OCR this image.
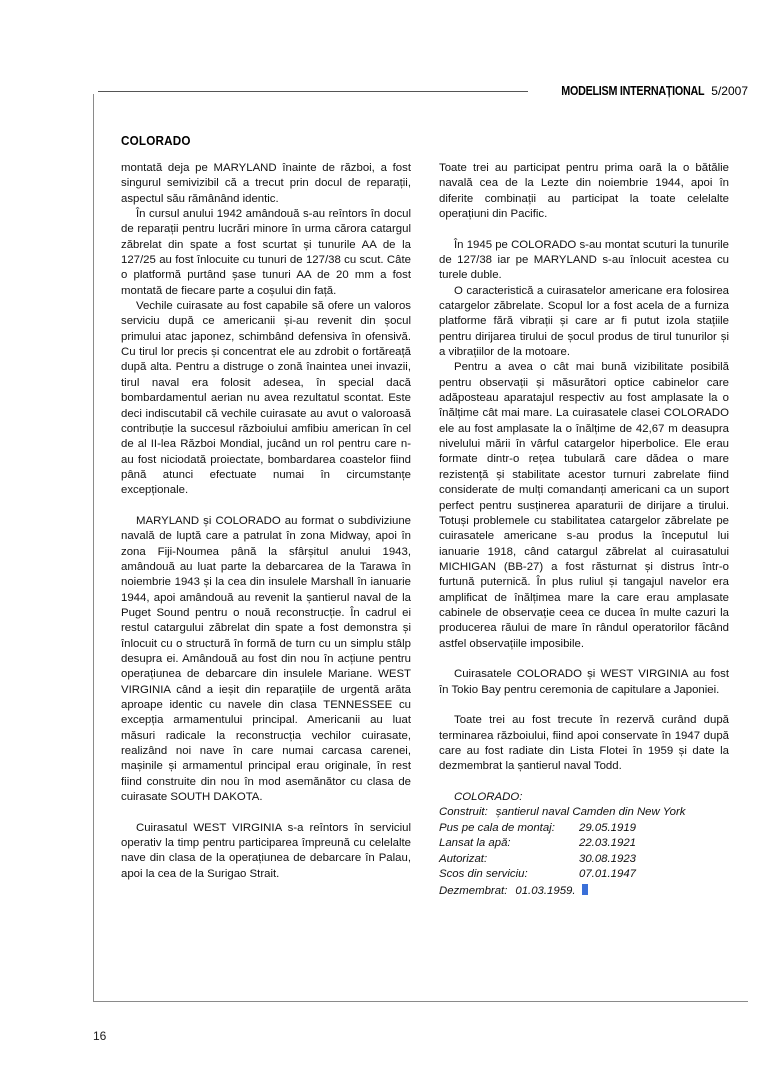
MODELISM INTERNAȚIONAL 5/2007
COLORADO

montată deja pe MARYLAND înainte de război, a fost singurul semivizibil că a trecut prin docul de reparații, aspectul său rămânând identic.

În cursul anului 1942 amândouă s-au reîntors în docul de reparații pentru lucrări minore în urma cărora catargul zăbrelat din spate a fost scurtat și tunurile AA de la 127/25 au fost înlocuite cu tunuri de 127/38 cu scut. Câte o platformă purtând șase tunuri AA de 20 mm a fost montată de fiecare parte a coșului din față.

Vechile cuirasate au fost capabile să ofere un valoros serviciu după ce americanii și-au revenit din șocul primului atac japonez, schimbând defensiva în ofensivă. Cu tirul lor precis și concentrat ele au zdrobit o fortăreață după alta. Pentru a distruge o zonă înaintea unei invazii, tirul naval era folosit adesea, în special dacă bombardamentul aerian nu avea rezultatul scontat. Este deci indiscutabil că vechile cuirasate au avut o valoroasă contribuție la succesul războiului amfibiu american în cel de al II-lea Război Mondial, jucând un rol pentru care n-au fost niciodată proiectate, bombardarea coastelor fiind până atunci efectuate numai în circumstanțe excepționale.

MARYLAND și COLORADO au format o subdiviziune navală de luptă care a patrulat în zona Midway, apoi în zona Fiji-Noumea până la sfârșitul anului 1943, amândouă au luat parte la debarcarea de la Tarawa în noiembrie 1943 și la cea din insulele Marshall în ianuarie 1944, apoi amândouă au revenit la șantierul naval de la Puget Sound pentru o nouă reconstrucție. În cadrul ei restul catargului zăbrelat din spate a fost demonstra și înlocuit cu o structură în formă de turn cu un simplu stâlp desupra ei. Amândouă au fost din nou în acțiune pentru operațiunea de debarcare din insulele Mariane. WEST VIRGINIA când a ieșit din reparațiile de urgentă arăta aproape identic cu navele din clasa TENNESSEE cu excepția armamentului principal. Americanii au luat măsuri radicale la reconstrucția vechilor cuirasate, realizând noi nave în care numai carcasa carenei, mașinile și armamentul principal erau originale, în rest fiind construite din nou în mod asemănător cu clasa de cuirasate SOUTH DAKOTA.

Cuirasatul WEST VIRGINIA s-a reîntors în serviciul operativ la timp pentru participarea împreună cu celelalte nave din clasa de la operațiunea de debarcare în Palau, apoi la cea de la Surigao Strait.

Toate trei au participat pentru prima oară la o bătălie navală cea de la Lezte din noiembrie 1944, apoi în diferite combinații au participat la toate celelalte operațiuni din Pacific.

În 1945 pe COLORADO s-au montat scuturi la tunurile de 127/38 iar pe MARYLAND s-au înlocuit acestea cu turele duble.

O caracteristică a cuirasatelor americane era folosirea catargelor zăbrelate. Scopul lor a fost acela de a furniza platforme fără vibrații și care ar fi putut izola stațiile pentru dirijarea tirului de șocul produs de tirul tunurilor și a vibrațiilor de la motoare.

Pentru a avea o cât mai bună vizibilitate posibilă pentru observații și măsurători optice cabinelor care adăposteau aparatajul respectiv au fost amplasate la o înălțime cât mai mare. La cuirasatele clasei COLORADO ele au fost amplasate la o înălțime de 42,67 m deasupra nivelului mării în vârful catargelor hiperbolice. Ele erau formate dintr-o rețea tubulară care dădea o mare rezistență și stabilitate acestor turnuri zabrelate fiind considerate de mulți comandanți americani ca un suport perfect pentru susținerea aparaturii de dirijare a tirului. Totuși problemele cu stabilitatea catargelor zăbrelate pe cuirasatele americane s-au produs la începutul lui ianuarie 1918, când catargul zăbrelat al cuirasatului MICHIGAN (BB-27) a fost răsturnat și distrus într-o furtună puternică. În plus ruliul și tangajul navelor era amplificat de înălțimea mare la care erau amplasate cabinele de observație ceea ce ducea în multe cazuri la producerea răului de mare în rândul operatorilor făcând astfel observațiile imposibile.

Cuirasatele COLORADO și WEST VIRGINIA au fost în Tokio Bay pentru ceremonia de capitulare a Japoniei.

Toate trei au fost trecute în rezervă curând după terminarea războiului, fiind apoi conservate în 1947 după care au fost radiate din Lista Flotei în 1959 și date la dezmembrat la șantierul naval Todd.

COLORADO:
Construit: șantierul naval Camden din New York
Pus pe cala de montaj:	29.05.1919
Lansat la apă:	22.03.1921
Autorizat:	30.08.1923
Scos din serviciu:	07.01.1947
Dezmembrat: 01.03.1959.
16
